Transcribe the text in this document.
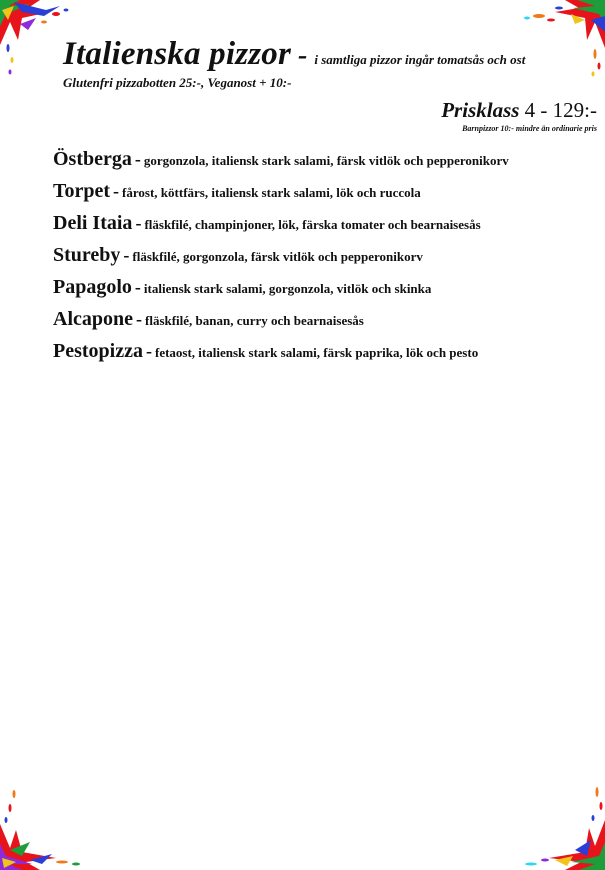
Italienska pizzor - i samtliga pizzor ingår tomatsås och ost
Glutenfri pizzabotten 25:-, Veganost + 10:-
Prisklass 4 - 129:-
Barnpizzor 10:- mindre än ordinarie pris
Östberga - gorgonzola, italiensk stark salami, färsk vitlök och pepperonikorv
Torpet - fårost, köttfärs, italiensk stark salami, lök och ruccola
Deli Itaia - fläskfilé, champinjoner, lök, färska tomater och bearnaisesås
Stureby - fläskfilé, gorgonzola, färsk vitlök och pepperonikorv
Papagolo - italiensk stark salami, gorgonzola, vitlök och skinka
Alcapone - fläskfilé, banan, curry och bearnaisesås
Pestopizza - fetaost, italiensk stark salami, färsk paprika, lök och pesto
